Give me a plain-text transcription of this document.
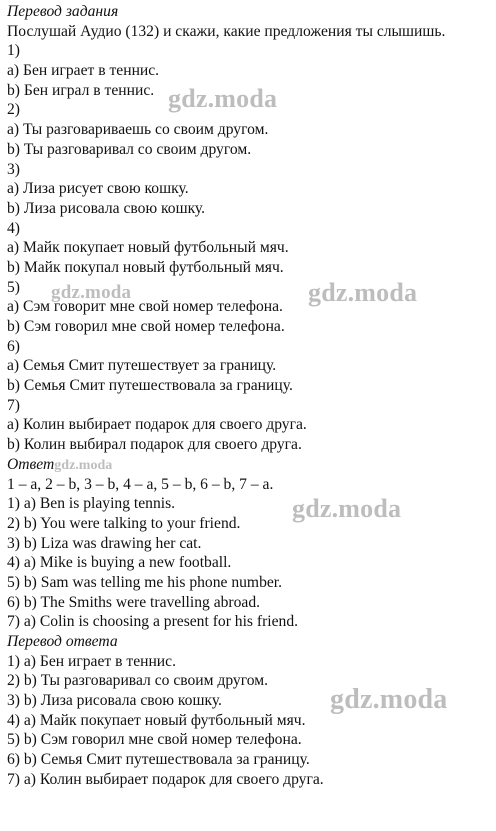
Перевод задания
Послушай Аудио (132) и скажи, какие предложения ты слышишь.
1)
a) Бен играет в теннис.
b) Бен играл в теннис.
2)
a) Ты разговариваешь со своим другом.
b) Ты разговаривал со своим другом.
3)
a) Лиза рисует свою кошку.
b) Лиза рисовала свою кошку.
4)
a) Майк покупает новый футбольный мяч.
b) Майк покупал новый футбольный мяч.
5)
a) Сэм говорит мне свой номер телефона.
b) Сэм говорил мне свой номер телефона.
6)
a) Семья Смит путешествует за границу.
b) Семья Смит путешествовала за границу.
7)
a) Колин выбирает подарок для своего друга.
b) Колин выбирал подарок для своего друга.
Ответgdz.moda
1 – a, 2 – b, 3 – b, 4 – a, 5 – b, 6 – b, 7 – a.
1) a) Ben is playing tennis.
2) b) You were talking to your friend.
3) b) Liza was drawing her cat.
4) a) Mike is buying a new football.
5) b) Sam was telling me his phone number.
6) b) The Smiths were travelling abroad.
7) a) Colin is choosing a present for his friend.
Перевод ответа
1) a) Бен играет в теннис.
2) b) Ты разговаривал со своим другом.
3) b) Лиза рисовала свою кошку.
4) a) Майк покупает новый футбольный мяч.
5) b) Сэм говорил мне свой номер телефона.
6) b) Семья Смит путешествовала за границу.
7) a) Колин выбирает подарок для своего друга.
gdz.moda
gdz.moda	gdz.moda
gdz.moda
gdz.moda
